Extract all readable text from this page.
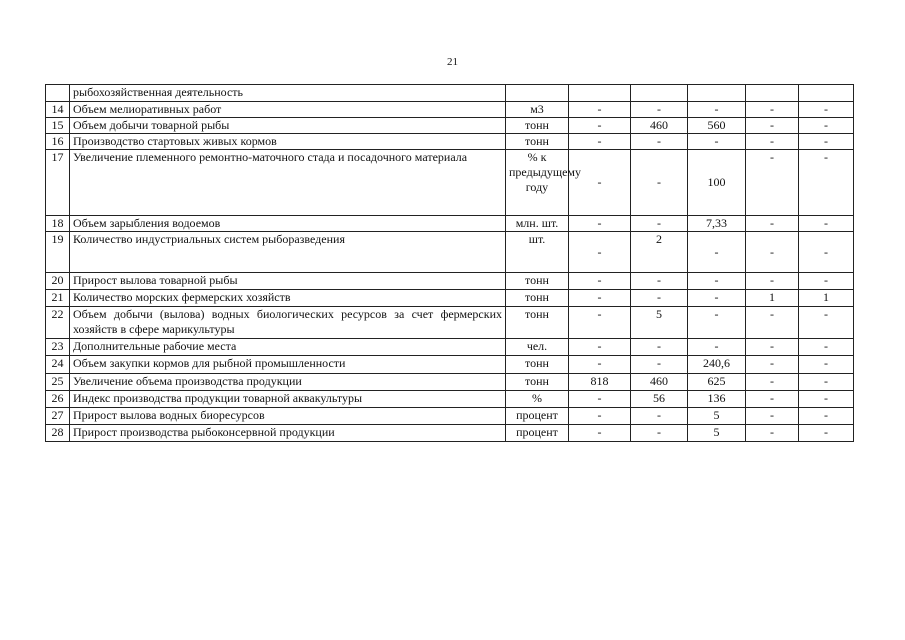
21
	рыбохозяйственная деятельность						
14	Объем мелиоративных работ	м3	-	-	-	-	-
15	Объем добычи товарной рыбы	тонн	-	460	560	-	-
16	Производство стартовых живых кормов	тонн	-	-	-	-	-
17	Увеличение племенного ремонтно-маточного стада и посадочного материала	% к предыдущему году	-	-	100	-	-
18	Объем зарыбления водоемов	млн. шт.	-	-	7,33	-	-
19	Количество индустриальных систем рыборазведения	шт.	-	2	-	-	-
20	Прирост вылова товарной рыбы	тонн	-	-	-	-	-
21	Количество морских фермерских хозяйств	тонн	-	-	-	1	1
22	Объем добычи (вылова) водных биологических ресурсов за счет фермерских хозяйств в сфере марикультуры	тонн	-	5	-	-	-
23	Дополнительные рабочие места	чел.	-	-	-	-	-
24	Объем закупки кормов для рыбной промышленности	тонн	-	-	240,6	-	-
25	Увеличение объема производства продукции	тонн	818	460	625	-	-
26	Индекс производства продукции товарной аквакультуры	%	-	56	136	-	-
27	Прирост вылова водных биоресурсов	процент	-	-	5	-	-
28	Прирост производства рыбоконсервной продукции	процент	-	-	5	-	-
